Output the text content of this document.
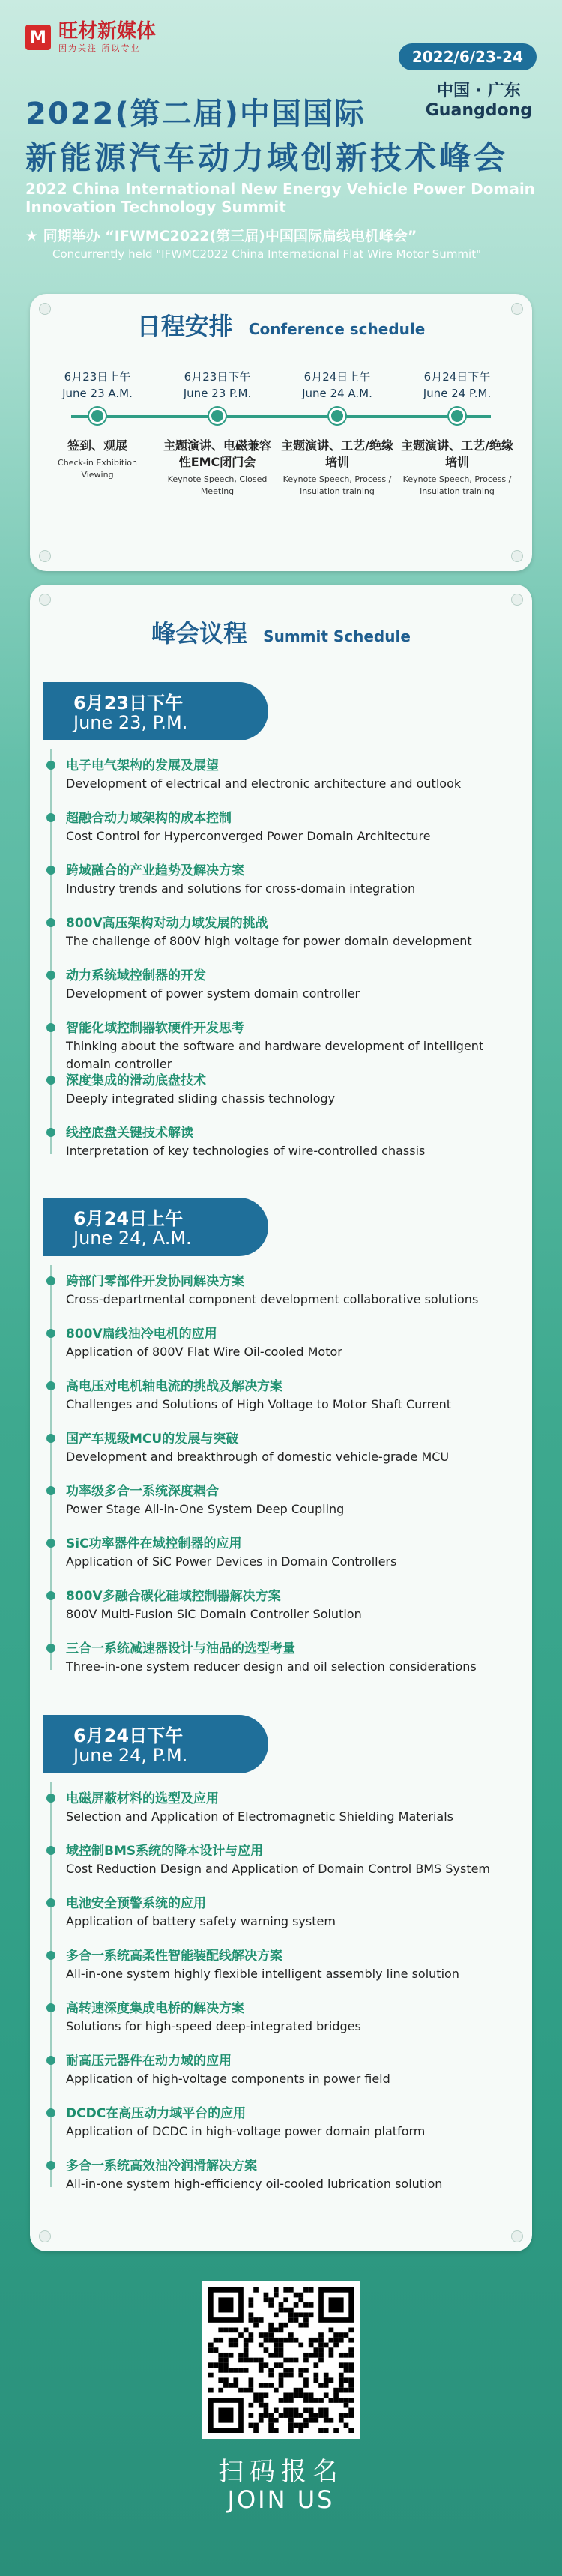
M 旺材新媒体
因为关注 所以专业	2022/6/23-24
中国 · 广东
Guangdong
2022(第二届)中国国际
新能源汽车动力域创新技术峰会
2022 China International New Energy Vehicle Power Domain Innovation Technology Summit
★ 同期举办 “IFWMC2022(第三届)中国国际扁线电机峰会”
Concurrently held "IFWMC2022 China International Flat Wire Motor Summit"
日程安排 Conference schedule
6月23日上午
June 23 A.M.
签到、观展
Check-in Exhibition Viewing
6月23日下午
June 23 P.M.
主题演讲、电磁兼容性EMC闭门会
Keynote Speech, Closed Meeting
6月24日上午
June 24 A.M.
主题演讲、工艺/绝缘培训
Keynote Speech, Process / insulation training
6月24日下午
June 24 P.M.
主题演讲、工艺/绝缘培训
Keynote Speech, Process / insulation training
峰会议程 Summit Schedule
6月23日下午
June 23, P.M.
电子电气架构的发展及展望
Development of electrical and electronic architecture and outlook
超融合动力域架构的成本控制
Cost Control for Hyperconverged Power Domain Architecture
跨域融合的产业趋势及解决方案
Industry trends and solutions for cross-domain integration
800V高压架构对动力域发展的挑战
The challenge of 800V high voltage for power domain development
动力系统域控制器的开发
Development of power system domain controller
智能化域控制器软硬件开发思考
Thinking about the software and hardware development of intelligent domain controller
深度集成的滑动底盘技术
Deeply integrated sliding chassis technology
线控底盘关键技术解读
Interpretation of key technologies of wire-controlled chassis
6月24日上午
June 24, A.M.
跨部门零部件开发协同解决方案
Cross-departmental component development collaborative solutions
800V扁线油冷电机的应用
Application of 800V Flat Wire Oil-cooled Motor
高电压对电机轴电流的挑战及解决方案
Challenges and Solutions of High Voltage to Motor Shaft Current
国产车规级MCU的发展与突破
Development and breakthrough of domestic vehicle-grade MCU
功率级多合一系统深度耦合
Power Stage All-in-One System Deep Coupling
SiC功率器件在域控制器的应用
Application of SiC Power Devices in Domain Controllers
800V多融合碳化硅域控制器解决方案
800V Multi-Fusion SiC Domain Controller Solution
三合一系统减速器设计与油品的选型考量
Three-in-one system reducer design and oil selection considerations
6月24日下午
June 24, P.M.
电磁屏蔽材料的选型及应用
Selection and Application of Electromagnetic Shielding Materials
域控制BMS系统的降本设计与应用
Cost Reduction Design and Application of Domain Control BMS System
电池安全预警系统的应用
Application of battery safety warning system
多合一系统高柔性智能装配线解决方案
All-in-one system highly flexible intelligent assembly line solution
高转速深度集成电桥的解决方案
Solutions for high-speed deep-integrated bridges
耐高压元器件在动力域的应用
Application of high-voltage components in power field
DCDC在高压动力域平台的应用
Application of DCDC in high-voltage power domain platform
多合一系统高效油冷润滑解决方案
All-in-one system high-efficiency oil-cooled lubrication solution
扫码报名
JOIN US
